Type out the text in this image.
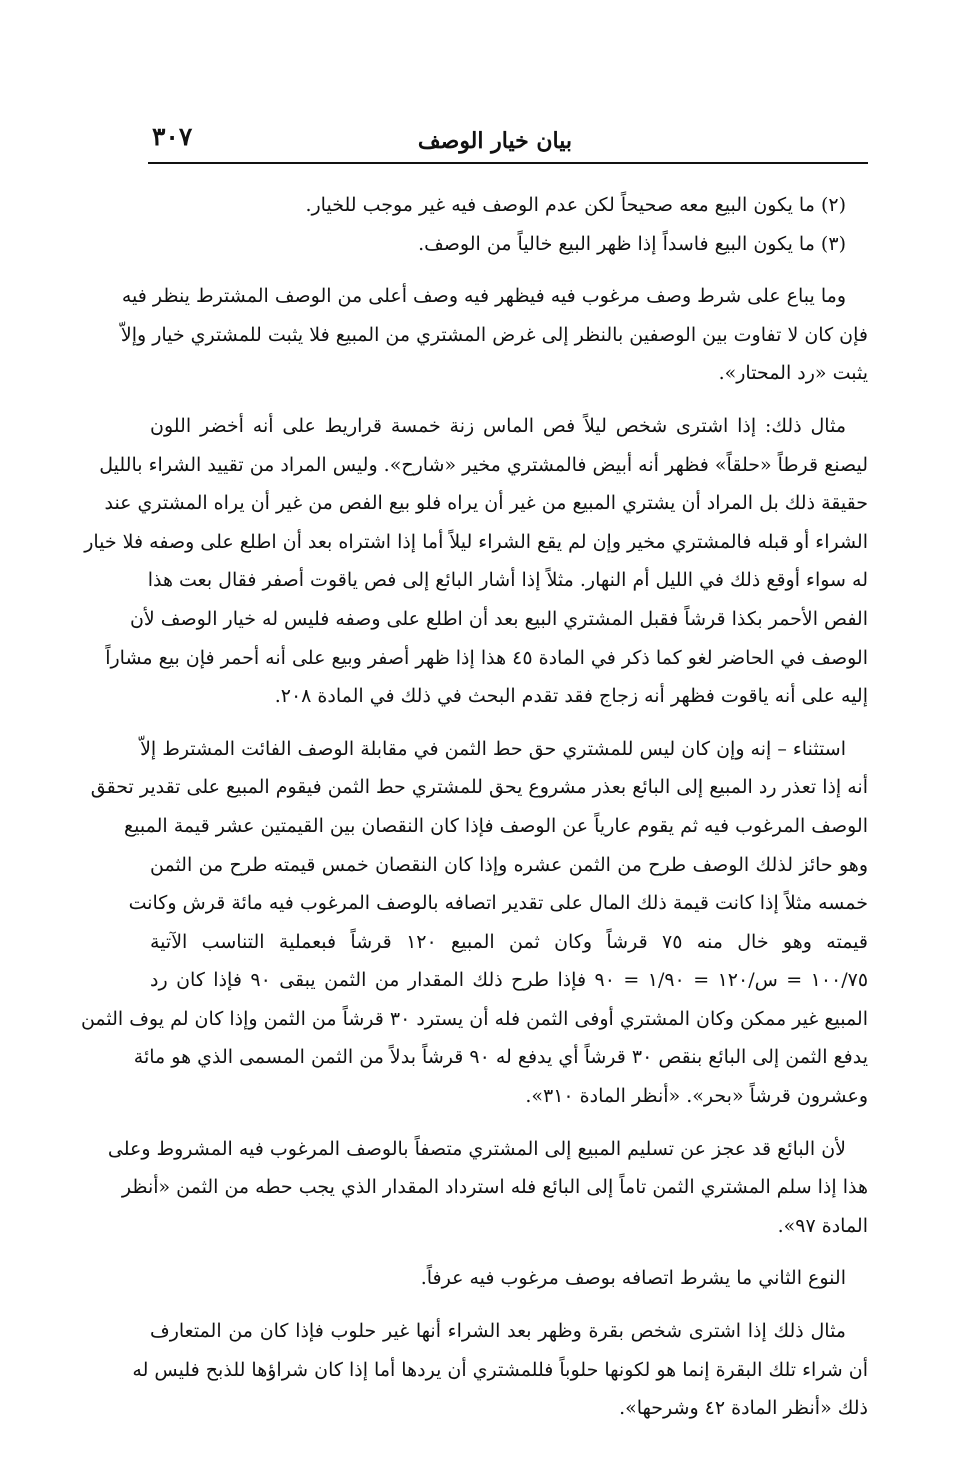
٣٠٧	بيان خيار الوصف
(٢) ما يكون البيع معه صحيحاً لكن عدم الوصف فيه غير موجب للخيار.
(٣) ما يكون البيع فاسداً إذا ظهر البيع خالياً من الوصف.
وما يباع على شرط وصف مرغوب فيه فيظهر فيه وصف أعلى من الوصف المشترط ينظر فيه
فإن كان لا تفاوت بين الوصفين بالنظر إلى غرض المشتري من المبيع فلا يثبت للمشتري خيار وإلاّ
يثبت «رد المحتار».
مثال ذلك: إذا اشترى شخص ليلاً فص الماس زنة خمسة قراريط على أنه أخضر اللون
ليصنع قرطاً «حلقاً» فظهر أنه أبيض فالمشتري مخير «شارح». وليس المراد من تقييد الشراء بالليل
حقيقة ذلك بل المراد أن يشتري المبيع من غير أن يراه فلو بيع الفص من غير أن يراه المشتري عند
الشراء أو قبله فالمشتري مخير وإن لم يقع الشراء ليلاً أما إذا اشتراه بعد أن اطلع على وصفه فلا خيار
له سواء أوقع ذلك في الليل أم النهار. مثلاً إذا أشار البائع إلى فص ياقوت أصفر فقال بعت هذا
الفص الأحمر بكذا قرشاً فقبل المشتري البيع بعد أن اطلع على وصفه فليس له خيار الوصف لأن
الوصف في الحاضر لغو كما ذكر في المادة ٤٥ هذا إذا ظهر أصفر وبيع على أنه أحمر فإن بيع مشاراً
إليه على أنه ياقوت فظهر أنه زجاج فقد تقدم البحث في ذلك في المادة ٢٠٨.
استثناء – إنه وإن كان ليس للمشتري حق حط الثمن في مقابلة الوصف الفائت المشترط إلاّ
أنه إذا تعذر رد المبيع إلى البائع بعذر مشروع يحق للمشتري حط الثمن فيقوم المبيع على تقدير تحقق
الوصف المرغوب فيه ثم يقوم عارياً عن الوصف فإذا كان النقصان بين القيمتين عشر قيمة المبيع
وهو حائز لذلك الوصف طرح من الثمن عشره وإذا كان النقصان خمس قيمته طرح من الثمن
خمسه مثلاً إذا كانت قيمة ذلك المال على تقدير اتصافه بالوصف المرغوب فيه مائة قرش وكانت
قيمته وهو خال منه ٧٥ قرشاً وكان ثمن المبيع ١٢٠ قرشاً فبعملية التناسب الآتية
١٠٠/٧٥ = س/١٢٠ = ١/٩٠ = ٩٠ فإذا طرح ذلك المقدار من الثمن يبقى ٩٠ فإذا كان رد
المبيع غير ممكن وكان المشتري أوفى الثمن فله أن يسترد ٣٠ قرشاً من الثمن وإذا كان لم يوف الثمن
يدفع الثمن إلى البائع بنقص ٣٠ قرشاً أي يدفع له ٩٠ قرشاً بدلاً من الثمن المسمى الذي هو مائة
وعشرون قرشاً «بحر». «أنظر المادة ٣١٠».
لأن البائع قد عجز عن تسليم المبيع إلى المشتري متصفاً بالوصف المرغوب فيه المشروط وعلى
هذا إذا سلم المشتري الثمن تاماً إلى البائع فله استرداد المقدار الذي يجب حطه من الثمن «أنظر
المادة ٩٧».
النوع الثاني ما يشرط اتصافه بوصف مرغوب فيه عرفاً.
مثال ذلك إذا اشترى شخص بقرة وظهر بعد الشراء أنها غير حلوب فإذا كان من المتعارف
أن شراء تلك البقرة إنما هو لكونها حلوباً فللمشتري أن يردها أما إذا كان شراؤها للذبح فليس له
ذلك «أنظر المادة ٤٢ وشرحها».
